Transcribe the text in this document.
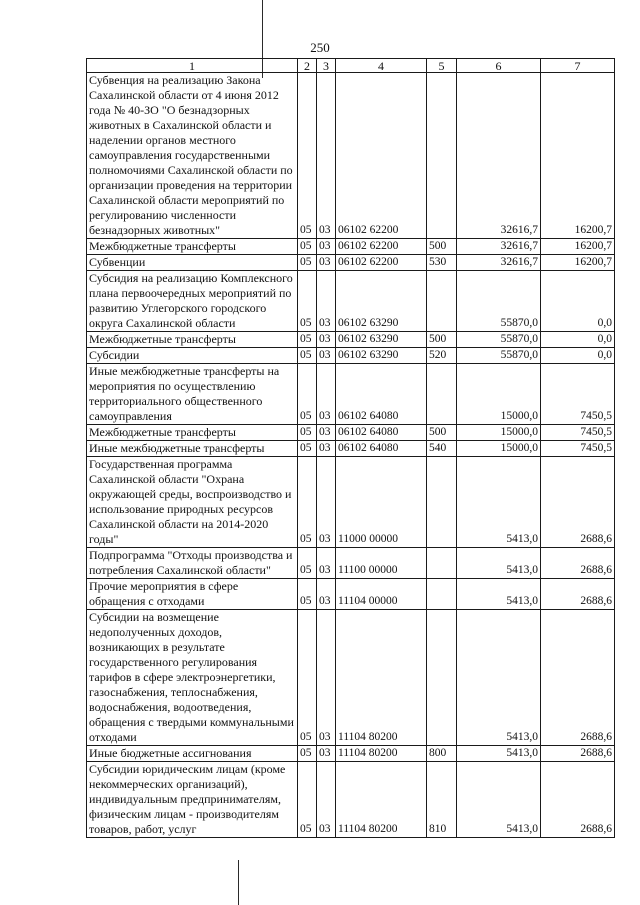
250
1	2	3	4	5	6	7
Субвенция на реализацию Закона Сахалинской области от 4 июня 2012 года № 40-ЗО "О безнадзорных животных в Сахалинской области и наделении органов местного самоуправления государственными полномочиями Сахалинской области по организации проведения на территории Сахалинской области мероприятий по регулированию численности безнадзорных животных"	05	03	06102 62200		32616,7	16200,7
Межбюджетные трансферты	05	03	06102 62200	500	32616,7	16200,7
Субвенции	05	03	06102 62200	530	32616,7	16200,7
Субсидия на реализацию Комплексного плана первоочередных мероприятий по развитию Углегорского городского округа Сахалинской области	05	03	06102 63290		55870,0	0,0
Межбюджетные трансферты	05	03	06102 63290	500	55870,0	0,0
Субсидии	05	03	06102 63290	520	55870,0	0,0
Иные межбюджетные трансферты на мероприятия по осуществлению территориального общественного самоуправления	05	03	06102 64080		15000,0	7450,5
Межбюджетные трансферты	05	03	06102 64080	500	15000,0	7450,5
Иные межбюджетные трансферты	05	03	06102 64080	540	15000,0	7450,5
Государственная программа Сахалинской области "Охрана окружающей среды, воспроизводство и использование природных ресурсов Сахалинской области на 2014-2020 годы"	05	03	11000 00000		5413,0	2688,6
Подпрограмма "Отходы производства и потребления Сахалинской области"	05	03	11100 00000		5413,0	2688,6
Прочие мероприятия в сфере обращения с отходами	05	03	11104 00000		5413,0	2688,6
Субсидии на возмещение недополученных доходов, возникающих в результате государственного регулирования тарифов в сфере электроэнергетики, газоснабжения, теплоснабжения, водоснабжения, водоотведения, обращения с твердыми коммунальными отходами	05	03	11104 80200		5413,0	2688,6
Иные бюджетные ассигнования	05	03	11104 80200	800	5413,0	2688,6
Субсидии юридическим лицам (кроме некоммерческих организаций), индивидуальным предпринимателям, физическим лицам - производителям товаров, работ, услуг	05	03	11104 80200	810	5413,0	2688,6
